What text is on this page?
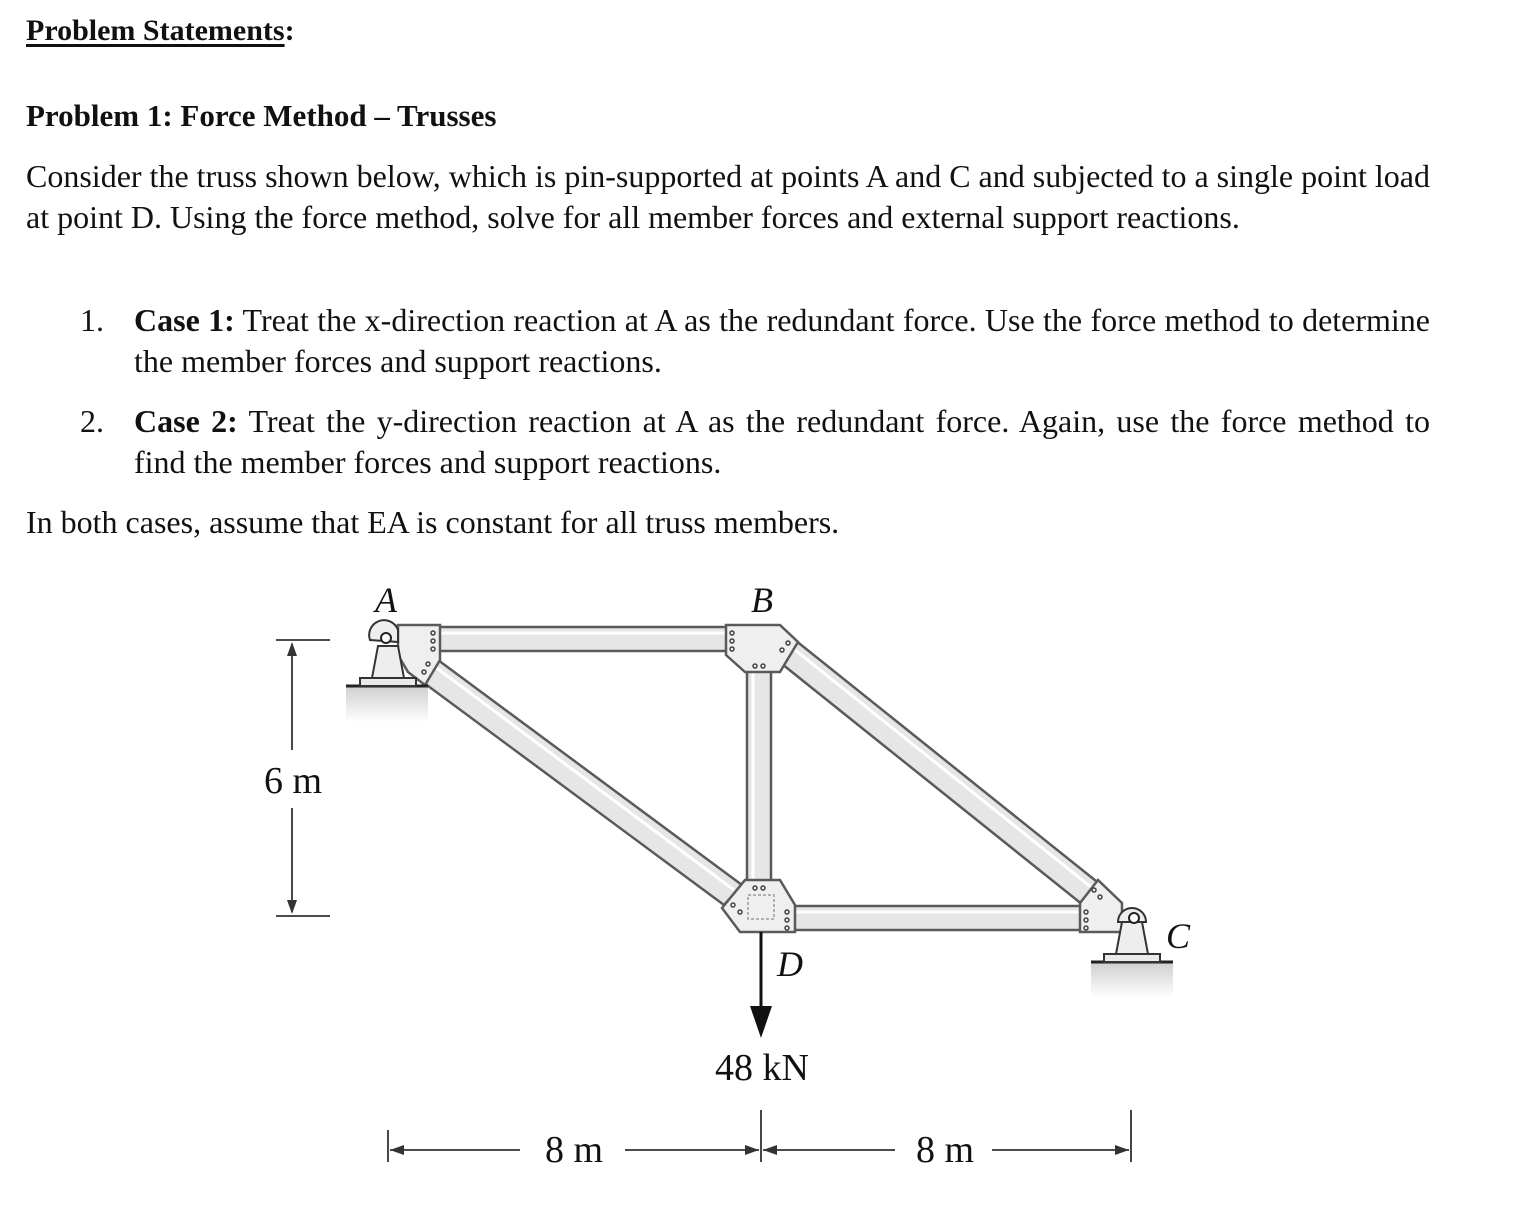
Problem Statements:
Problem 1: Force Method – Trusses

Consider the truss shown below, which is pin-supported at points A and C and subjected to a single point load at point D. Using the force method, solve for all member forces and external support reactions.

1. Case 1: Treat the x-direction reaction at A as the redundant force. Use the force method to determine the member forces and support reactions.
2. Case 2: Treat the y-direction reaction at A as the redundant force. Again, use the force method to find the member forces and support reactions.

In both cases, assume that EA is constant for all truss members.

A	B
C
D
48 kN
6 m
8 m	8 m
